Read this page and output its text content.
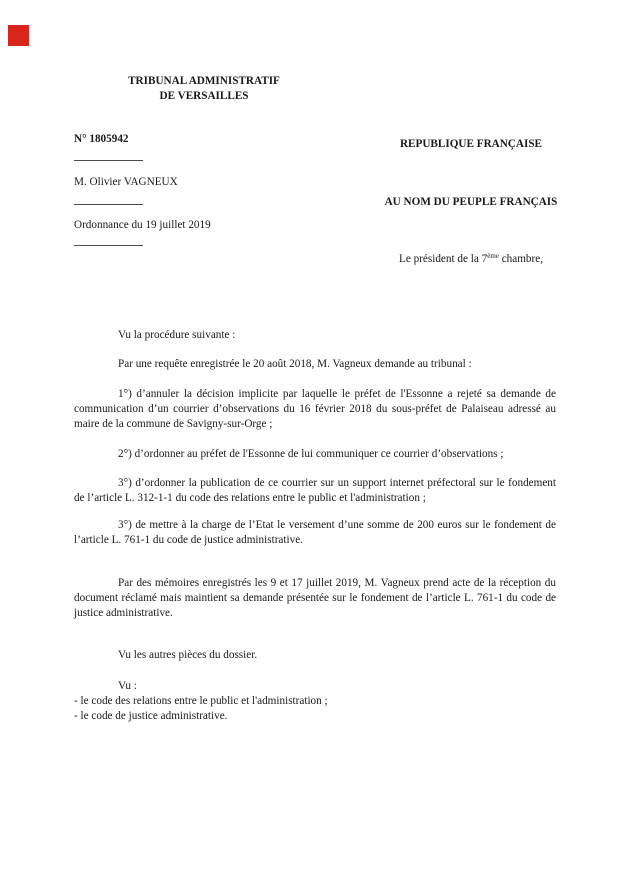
TRIBUNAL ADMINISTRATIF
DE VERSAILLES
N° 1805942
M. Olivier VAGNEUX
Ordonnance du 19 juillet 2019
REPUBLIQUE FRANÇAISE
AU NOM DU PEUPLE FRANÇAIS
Le président de la 7ème chambre,

Vu la procédure suivante :

Par une requête enregistrée le 20 août 2018, M. Vagneux demande au tribunal :

1°) d’annuler la décision implicite par laquelle le préfet de l'Essonne a rejeté sa demande de communication d’un courrier d’observations du 16 février 2018 du sous-préfet de Palaiseau adressé au maire de la commune de Savigny-sur-Orge ;

2°) d’ordonner au préfet de l'Essonne de lui communiquer ce courrier d’observations ;

3°) d’ordonner la publication de ce courrier sur un support internet préfectoral sur le fondement de l’article L. 312-1-1 du code des relations entre le public et l'administration ;

3°) de mettre à la charge de l’Etat le versement d’une somme de 200 euros sur le fondement de l’article L. 761-1 du code de justice administrative.

Par des mémoires enregistrés les 9 et 17 juillet 2019, M. Vagneux prend acte de la réception du document réclamé mais maintient sa demande présentée sur le fondement de l’article L. 761-1 du code de justice administrative.

Vu les autres pièces du dossier.

Vu :

- le code des relations entre le public et l'administration ;

- le code de justice administrative.
